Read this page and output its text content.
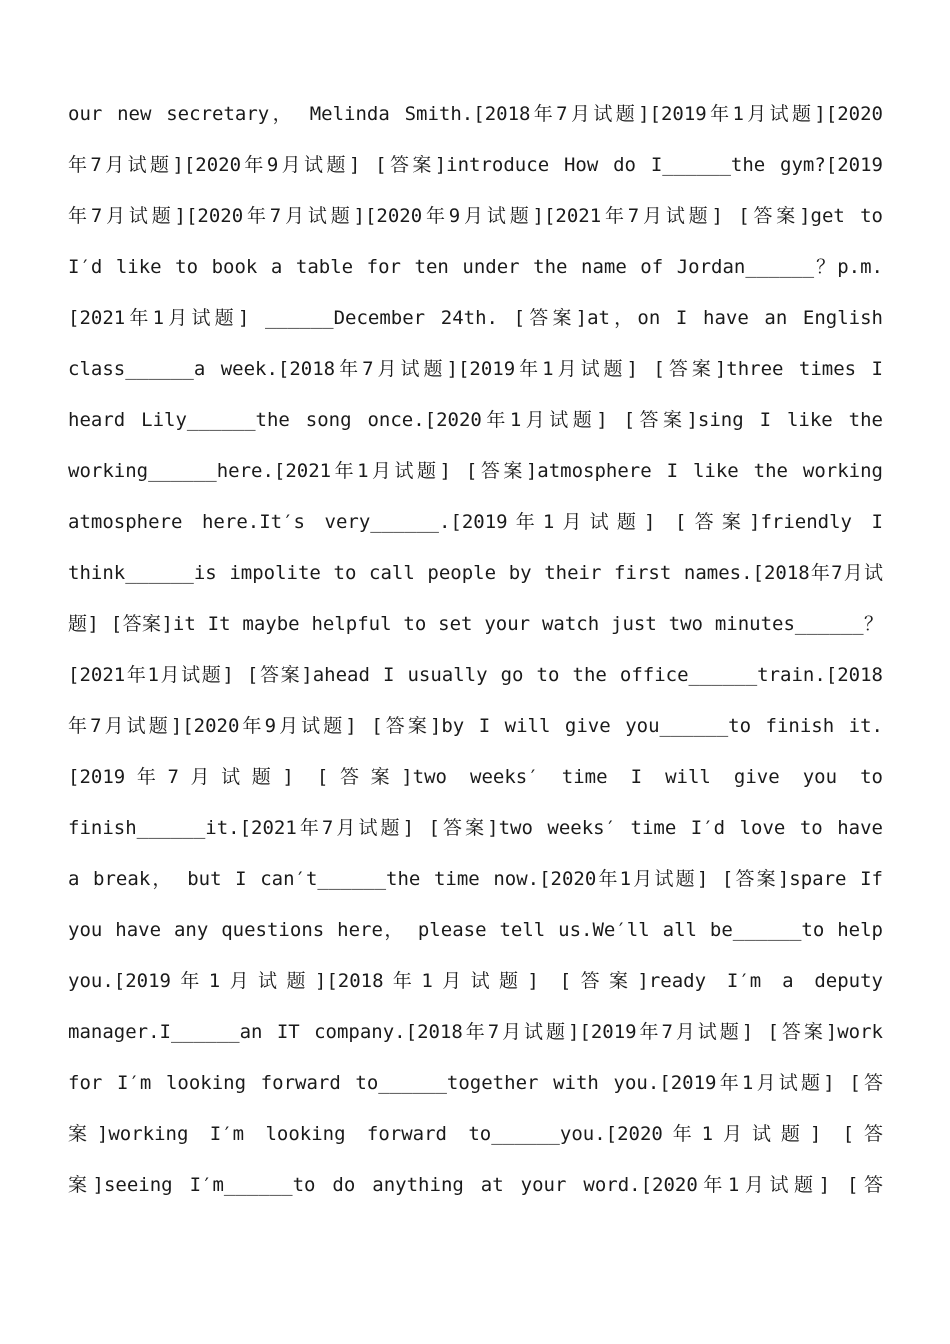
our new secretary， Melinda Smith.[2018年7月试题][2019年1月试题][2020
年7月试题][2020年9月试题] [答案]introduce How do I______the gym?[2019
年7月试题][2020年7月试题][2020年9月试题][2021年7月试题] [答案]get to
I′d like to book a table for ten under the name of Jordan______？p.m.
[2021年1月试题] ______December 24th. [答案]at，on I have an English
class______a week.[2018年7月试题][2019年1月试题] [答案]three times I
heard Lily______the song once.[2020年1月试题] [答案]sing I like the
working______here.[2021年1月试题] [答案]atmosphere I like the working
atmosphere here.It′s very______.[2019年1月试题] [答案]friendly I
think______is impolite to call people by their first names.[2018年7月试
题] [答案]it It maybe helpful to set your watch just two minutes______？
[2021年1月试题] [答案]ahead I usually go to the office______train.[2018
年7月试题][2020年9月试题] [答案]by I will give you______to finish it.
[2019年7月试题] [答案]two weeks′ time I will give you to
finish______it.[2021年7月试题] [答案]two weeks′ time I′d love to have
a break， but I can′t______the time now.[2020年1月试题] [答案]spare If
you have any questions here， please tell us.We′ll all be______to help
you.[2019年1月试题][2018年1月试题] [答案]ready I′m a deputy
manager.I______an IT company.[2018年7月试题][2019年7月试题] [答案]work
for I′m looking forward to______together with you.[2019年1月试题] [答
案]working I′m looking forward to______you.[2020年1月试题] [答
案]seeing I′m______to do anything at your word.[2020年1月试题] [答
